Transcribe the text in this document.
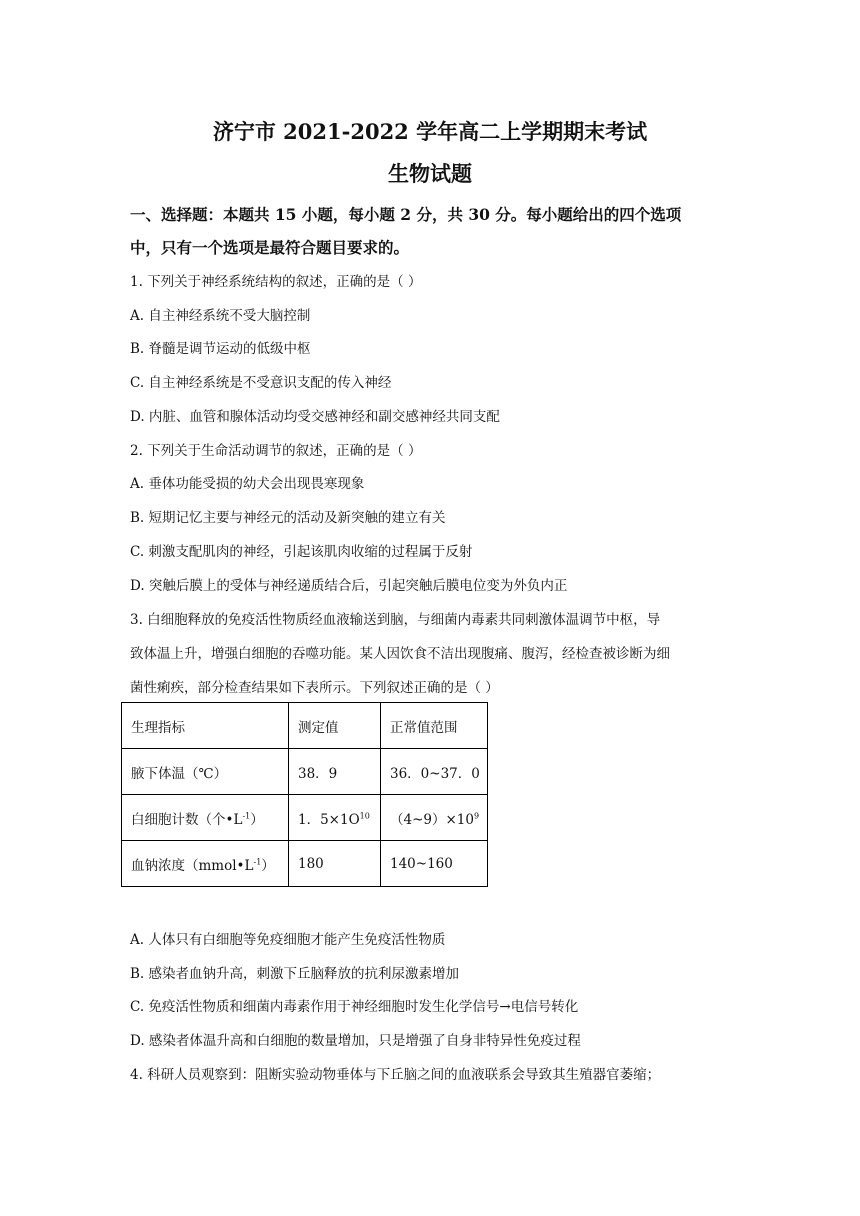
济宁市 2021-2022 学年高二上学期期末考试
生物试题
一、选择题：本题共 15 小题，每小题 2 分，共 30 分。每小题给出的四个选项
中，只有一个选项是最符合题目要求的。
1. 下列关于神经系统结构的叙述，正确的是（ ）
A. 自主神经系统不受大脑控制
B. 脊髓是调节运动的低级中枢
C. 自主神经系统是不受意识支配的传入神经
D. 内脏、血管和腺体活动均受交感神经和副交感神经共同支配
2. 下列关于生命活动调节的叙述，正确的是（ ）
A. 垂体功能受损的幼犬会出现畏寒现象
B. 短期记忆主要与神经元的活动及新突触的建立有关
C. 刺激支配肌肉的神经，引起该肌肉收缩的过程属于反射
D. 突触后膜上的受体与神经递质结合后，引起突触后膜电位变为外负内正
3. 白细胞释放的免疫活性物质经血液输送到脑，与细菌内毒素共同刺激体温调节中枢，导
致体温上升，增强白细胞的吞噬功能。某人因饮食不洁出现腹痛、腹泻，经检查被诊断为细
菌性痢疾，部分检查结果如下表所示。下列叙述正确的是（ ）
生理指标	测定值	正常值范围
腋下体温（℃）	38．9	36．0~37．0
白细胞计数（个$•L^{-1}$）	1．$5\times 1O^{10}$	$(4\sim 9)\times 10^9$
血钠浓度$(mmol•L^{-1})$	180	140~160
A. 人体只有白细胞等免疫细胞才能产生免疫活性物质
B. 感染者血钠升高，刺激下丘脑释放的抗利尿激素增加
C. 免疫活性物质和细菌内毒素作用于神经细胞时发生化学信号→电信号转化
D. 感染者体温升高和白细胞的数量增加，只是增强了自身非特异性免疫过程
4. 科研人员观察到：阻断实验动物垂体与下丘脑之间的血液联系会导致其生殖器官萎缩；
